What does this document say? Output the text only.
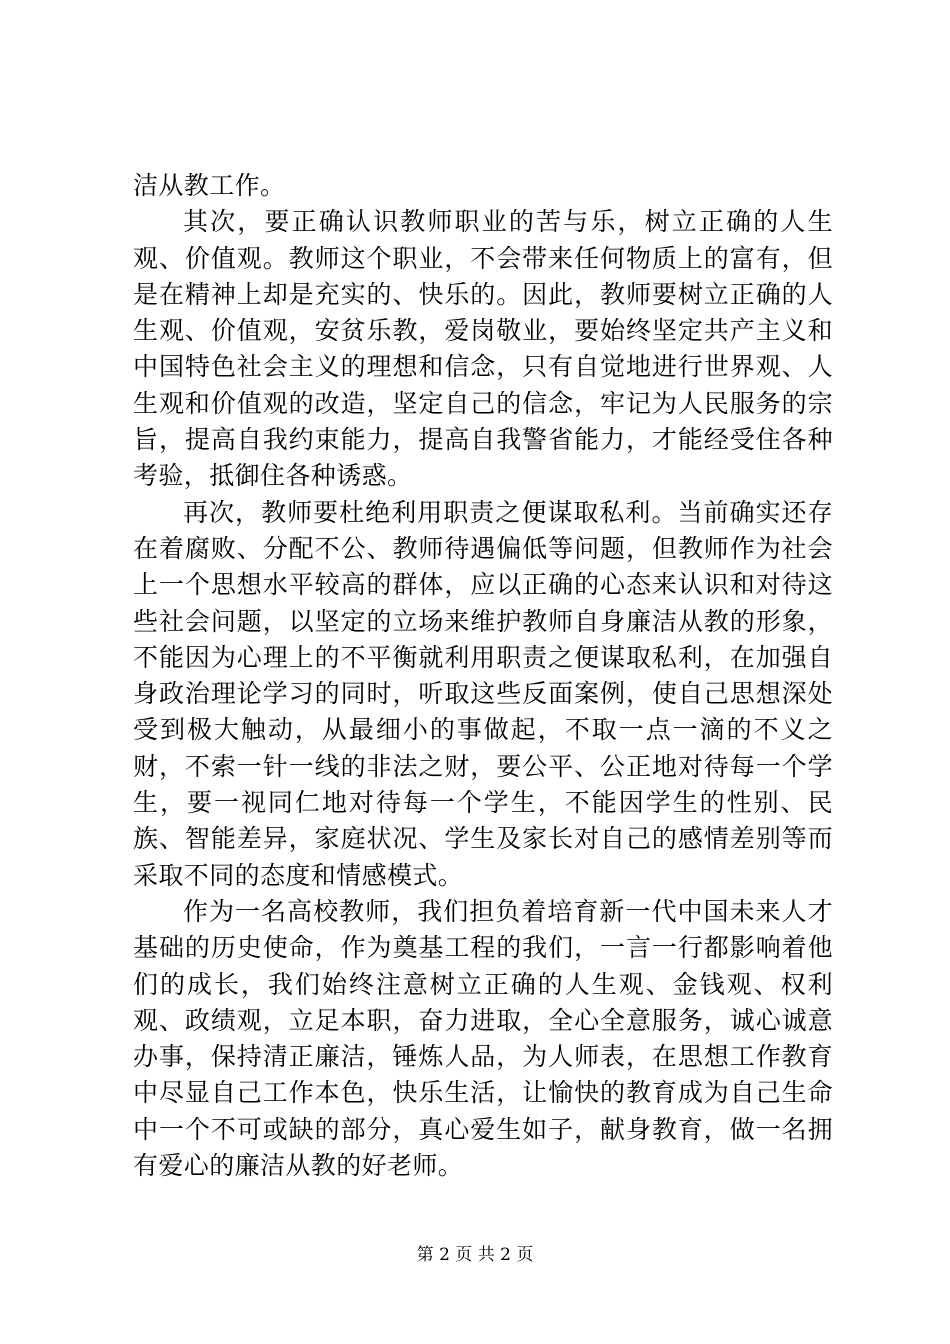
洁从教工作。

其次，要正确认识教师职业的苦与乐，树立正确的人生观、价值观。教师这个职业，不会带来任何物质上的富有，但是在精神上却是充实的、快乐的。因此，教师要树立正确的人生观、价值观，安贫乐教，爱岗敬业，要始终坚定共产主义和中国特色社会主义的理想和信念，只有自觉地进行世界观、人生观和价值观的改造，坚定自己的信念，牢记为人民服务的宗旨，提高自我约束能力，提高自我警省能力，才能经受住各种考验，抵御住各种诱惑。

再次，教师要杜绝利用职责之便谋取私利。当前确实还存在着腐败、分配不公、教师待遇偏低等问题，但教师作为社会上一个思想水平较高的群体，应以正确的心态来认识和对待这些社会问题，以坚定的立场来维护教师自身廉洁从教的形象，不能因为心理上的不平衡就利用职责之便谋取私利，在加强自身政治理论学习的同时，听取这些反面案例，使自己思想深处受到极大触动，从最细小的事做起，不取一点一滴的不义之财，不索一针一线的非法之财，要公平、公正地对待每一个学生，要一视同仁地对待每一个学生，不能因学生的性别、民族、智能差异，家庭状况、学生及家长对自己的感情差别等而采取不同的态度和情感模式。

作为一名高校教师，我们担负着培育新一代中国未来人才基础的历史使命，作为奠基工程的我们，一言一行都影响着他们的成长，我们始终注意树立正确的人生观、金钱观、权利观、政绩观，立足本职，奋力进取，全心全意服务，诚心诚意办事，保持清正廉洁，锤炼人品，为人师表，在思想工作教育中尽显自己工作本色，快乐生活，让愉快的教育成为自己生命中一个不可或缺的部分，真心爱生如子，献身教育，做一名拥有爱心的廉洁从教的好老师。

第 2 页 共 2 页
